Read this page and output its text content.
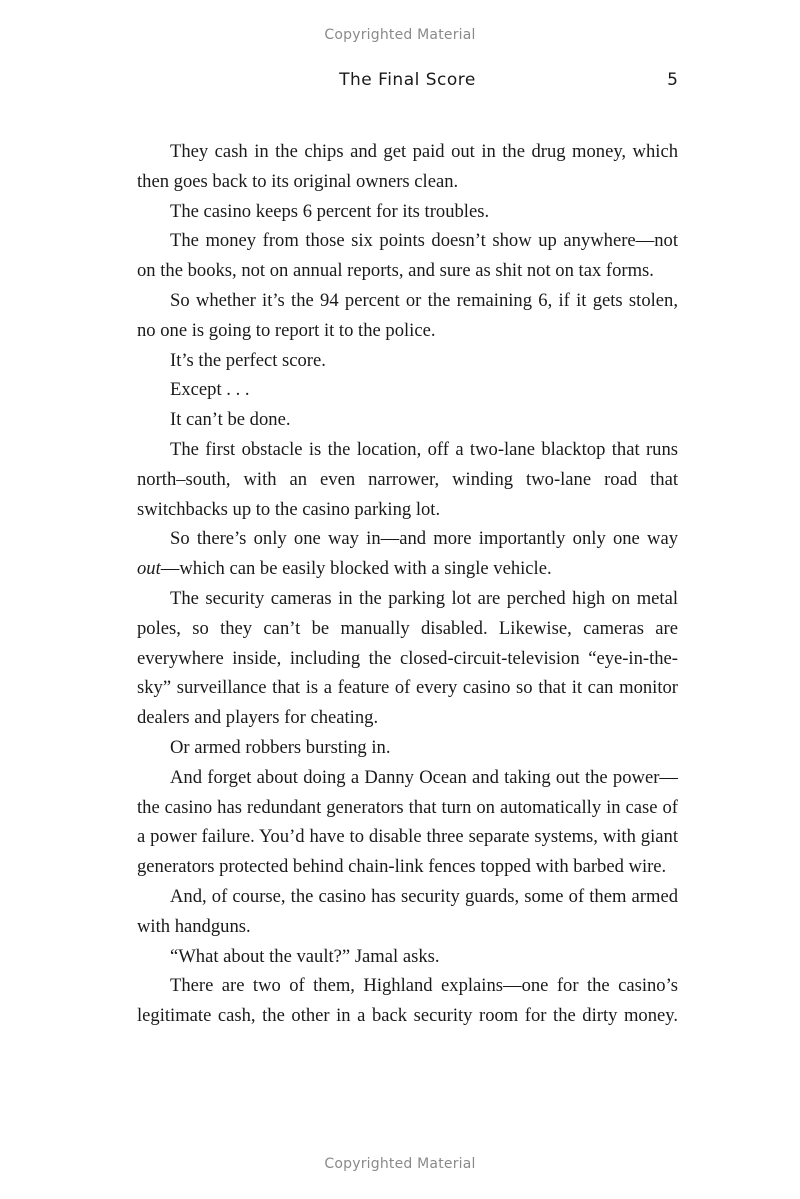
Copyrighted Material
The Final Score	5

They cash in the chips and get paid out in the drug money, which then goes back to its original owners clean.

The casino keeps 6 percent for its troubles.

The money from those six points doesn’t show up anywhere—not on the books, not on annual reports, and sure as shit not on tax forms.

So whether it’s the 94 percent or the remaining 6, if it gets stolen, no one is going to report it to the police.

It’s the perfect score.

Except . . .

It can’t be done.

The first obstacle is the location, off a two-lane blacktop that runs north–south, with an even narrower, winding two-lane road that switchbacks up to the casino parking lot.

So there’s only one way in—and more importantly only one way out—which can be easily blocked with a single vehicle.

The security cameras in the parking lot are perched high on metal poles, so they can’t be manually disabled. Likewise, cameras are everywhere inside, including the closed-circuit-television “eye-in-the-sky” surveillance that is a feature of every casino so that it can monitor dealers and players for cheating.

Or armed robbers bursting in.

And forget about doing a Danny Ocean and taking out the power—the casino has redundant generators that turn on automatically in case of a power failure. You’d have to disable three separate systems, with giant generators protected behind chain-link fences topped with barbed wire.

And, of course, the casino has security guards, some of them armed with handguns.

“What about the vault?” Jamal asks.

There are two of them, Highland explains—one for the casino’s legitimate cash, the other in a back security room for the dirty money.

Copyrighted Material
